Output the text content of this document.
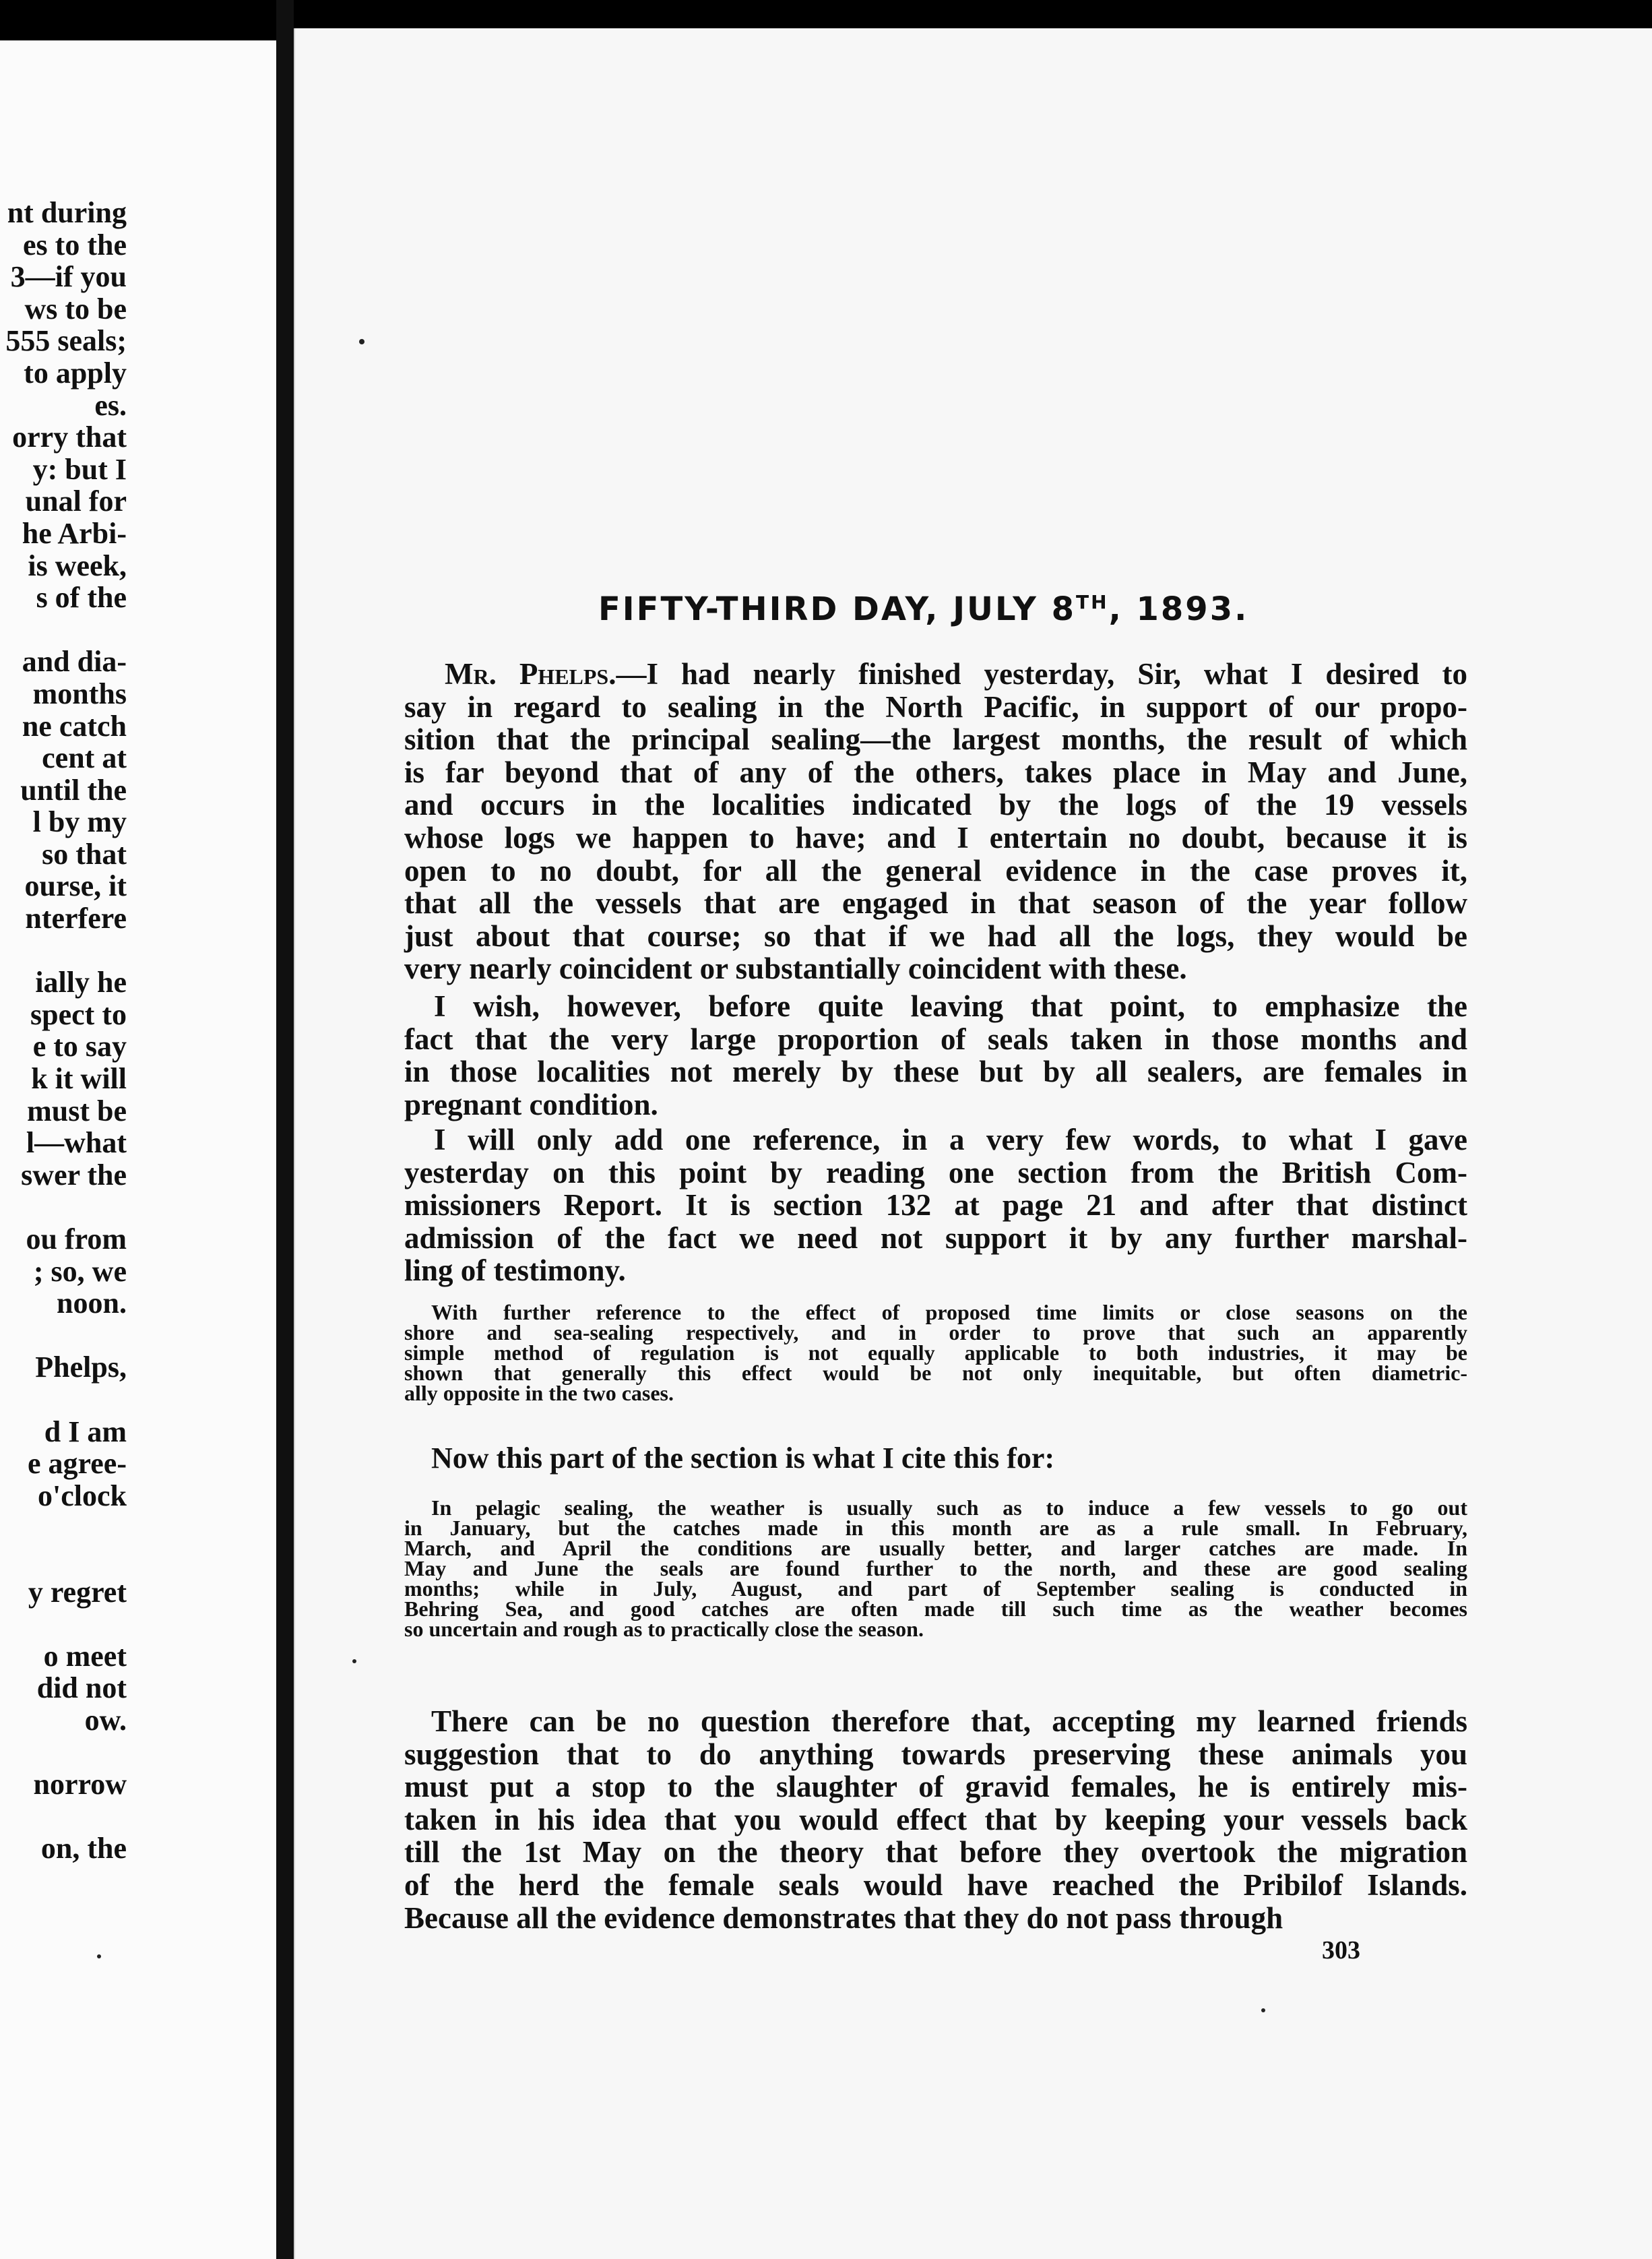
nt during
es to the
3—if you
ws to be
555 seals;
to apply
es.
orry that
y: but I
unal for
he Arbi-
is week,
s of the
and dia-
months
ne catch
cent at
until the
l by my
so that
ourse, it
nterfere
ially he
spect to
e to say
k it will
must be
l—what
swer the
ou from
; so, we
noon.
Phelps,
d I am
e agree-
o'clock
y regret
o meet
did not
ow.
norrow
on, the
FIFTY-THIRD DAY, JULY 8TH, 1893.
Mr. Phelps.—I had nearly finished yesterday, Sir, what I desired to
say in regard to sealing in the North Pacific, in support of our propo-
sition that the principal sealing—the largest months, the result of which
is far beyond that of any of the others, takes place in May and June,
and occurs in the localities indicated by the logs of the 19 vessels
whose logs we happen to have; and I entertain no doubt, because it is
open to no doubt, for all the general evidence in the case proves it,
that all the vessels that are engaged in that season of the year follow
just about that course; so that if we had all the logs, they would be
very nearly coincident or substantially coincident with these.
I wish, however, before quite leaving that point, to emphasize the
fact that the very large proportion of seals taken in those months and
in those localities not merely by these but by all sealers, are females in
pregnant condition.
I will only add one reference, in a very few words, to what I gave
yesterday on this point by reading one section from the British Com-
missioners Report. It is section 132 at page 21 and after that distinct
admission of the fact we need not support it by any further marshal-
ling of testimony.
With further reference to the effect of proposed time limits or close seasons on the
shore and sea-sealing respectively, and in order to prove that such an apparently
simple method of regulation is not equally applicable to both industries, it may be
shown that generally this effect would be not only inequitable, but often diametric-
ally opposite in the two cases.
Now this part of the section is what I cite this for:
In pelagic sealing, the weather is usually such as to induce a few vessels to go out
in January, but the catches made in this month are as a rule small. In February,
March, and April the conditions are usually better, and larger catches are made. In
May and June the seals are found further to the north, and these are good sealing
months; while in July, August, and part of September sealing is conducted in
Behring Sea, and good catches are often made till such time as the weather becomes
so uncertain and rough as to practically close the season.
There can be no question therefore that, accepting my learned friends
suggestion that to do anything towards preserving these animals you
must put a stop to the slaughter of gravid females, he is entirely mis-
taken in his idea that you would effect that by keeping your vessels back
till the 1st May on the theory that before they overtook the migration
of the herd the female seals would have reached the Pribilof Islands.
Because all the evidence demonstrates that they do not pass through
303
